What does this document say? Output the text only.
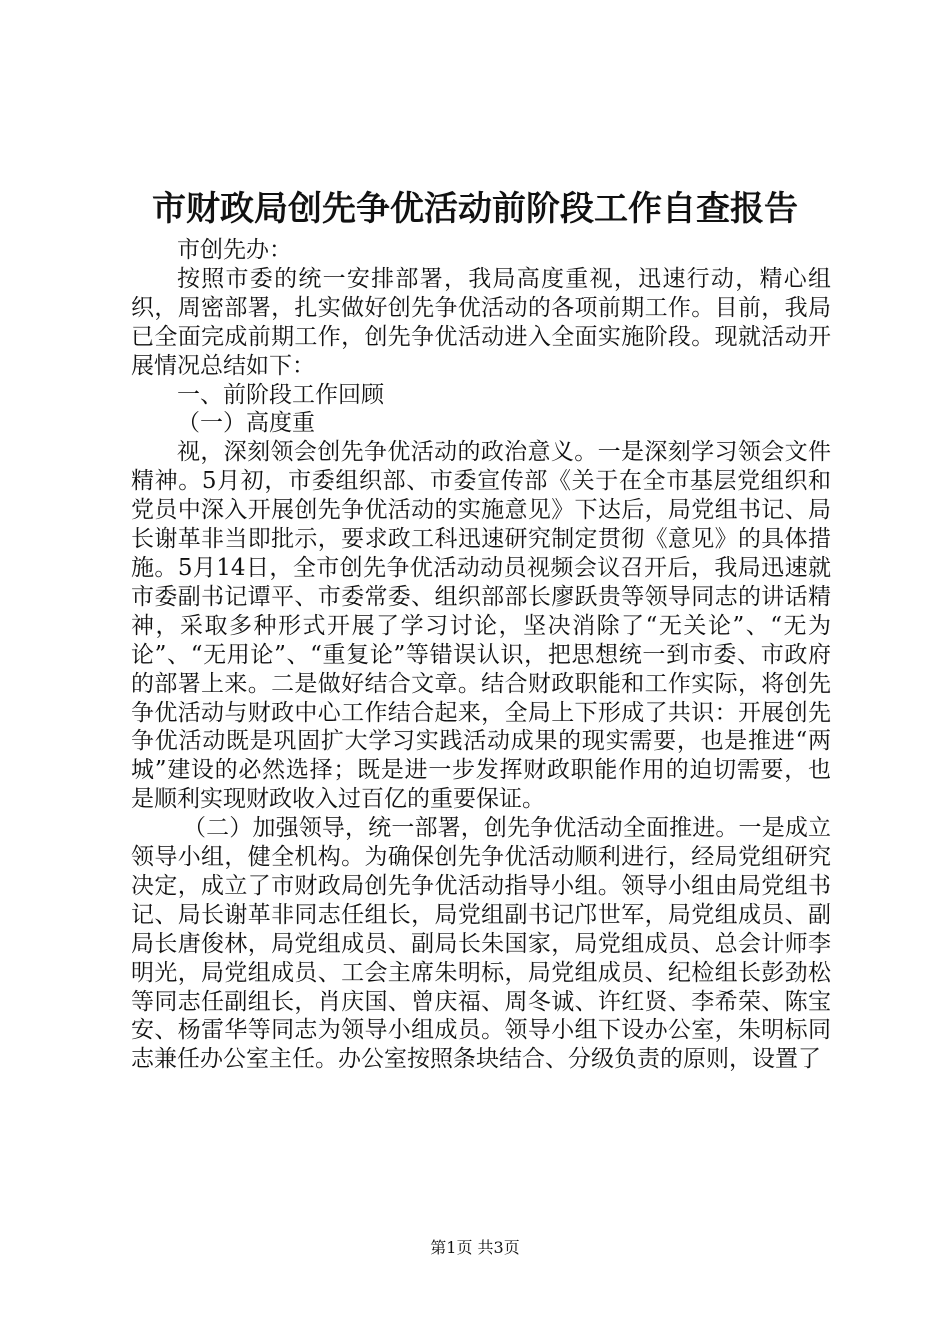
市财政局创先争优活动前阶段工作自查报告

市创先办：

按照市委的统一安排部署，我局高度重视，迅速行动，精心组织，周密部署，扎实做好创先争优活动的各项前期工作。目前，我局已全面完成前期工作，创先争优活动进入全面实施阶段。现就活动开展情况总结如下：

一、前阶段工作回顾

（一）高度重

视，深刻领会创先争优活动的政治意义。一是深刻学习领会文件精神。5月初，市委组织部、市委宣传部《关于在全市基层党组织和党员中深入开展创先争优活动的实施意见》下达后，局党组书记、局长谢革非当即批示，要求政工科迅速研究制定贯彻《意见》的具体措施。5月14日，全市创先争优活动动员视频会议召开后，我局迅速就市委副书记谭平、市委常委、组织部部长廖跃贵等领导同志的讲话精神，采取多种形式开展了学习讨论，坚决消除了“无关论”、“无为论”、“无用论”、“重复论”等错误认识，把思想统一到市委、市政府的部署上来。二是做好结合文章。结合财政职能和工作实际，将创先争优活动与财政中心工作结合起来，全局上下形成了共识：开展创先争优活动既是巩固扩大学习实践活动成果的现实需要，也是推进“两城”建设的必然选择；既是进一步发挥财政职能作用的迫切需要，也是顺利实现财政收入过百亿的重要保证。

（二）加强领导，统一部署，创先争优活动全面推进。一是成立领导小组，健全机构。为确保创先争优活动顺利进行，经局党组研究决定，成立了市财政局创先争优活动指导小组。领导小组由局党组书记、局长谢革非同志任组长，局党组副书记邝世军，局党组成员、副局长唐俊林，局党组成员、副局长朱国家，局党组成员、总会计师李明光，局党组成员、工会主席朱明标，局党组成员、纪检组长彭劲松等同志任副组长，肖庆国、曾庆福、周冬诚、许红贤、李希荣、陈宝安、杨雷华等同志为领导小组成员。领导小组下设办公室，朱明标同志兼任办公室主任。办公室按照条块结合、分级负责的原则，设置了

第1页 共3页
